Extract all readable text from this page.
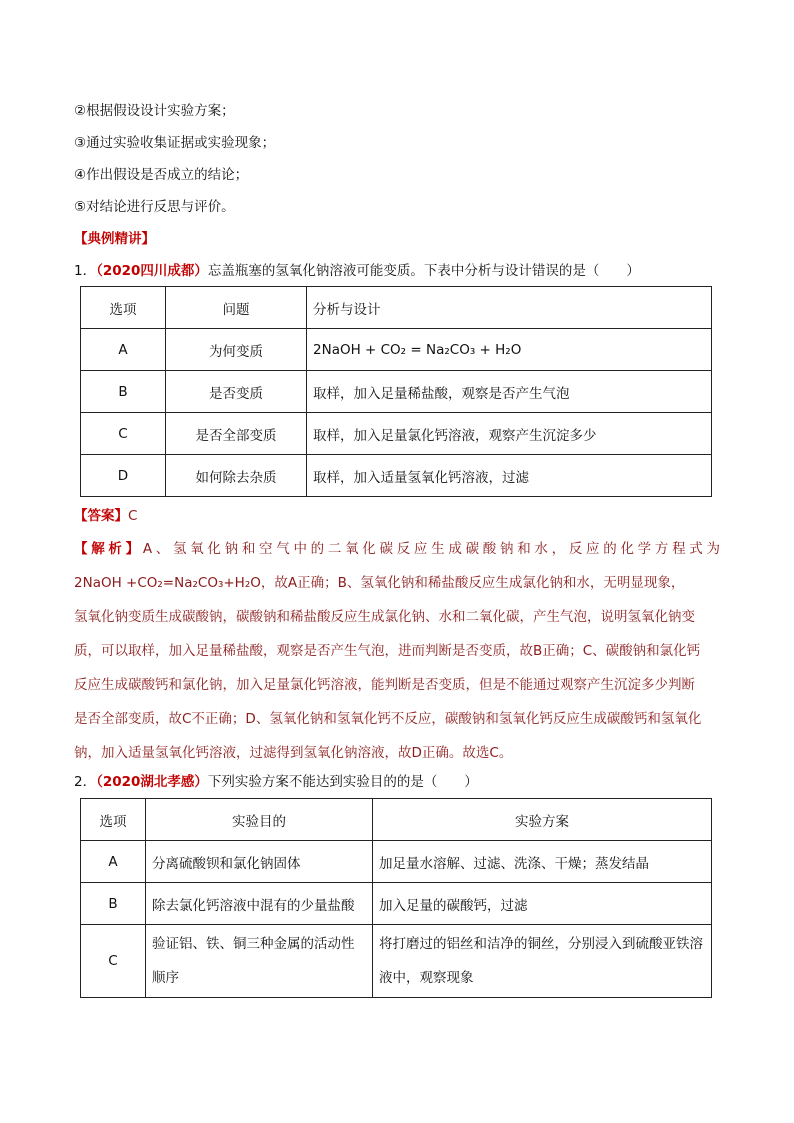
②根据假设设计实验方案；
③通过实验收集证据或实验现象；
④作出假设是否成立的结论；
⑤对结论进行反思与评价。
【典例精讲】
1．（2020四川成都）忘盖瓶塞的氢氧化钠溶液可能变质。下表中分析与设计错误的是（　　）
选项	问题	分析与设计
A	为何变质	2NaOH + CO₂ = Na₂CO₃ + H₂O
B	是否变质	取样，加入足量稀盐酸，观察是否产生气泡
C	是否全部变质	取样，加入足量氯化钙溶液，观察产生沉淀多少
D	如何除去杂质	取样，加入适量氢氧化钙溶液，过滤
【答案】C
【解析】A、氢氧化钠和空气中的二氧化碳反应生成碳酸钠和水，反应的化学方程式为
2NaOH +CO₂=Na₂CO₃+H₂O，故A正确；B、氢氧化钠和稀盐酸反应生成氯化钠和水，无明显现象，
氢氧化钠变质生成碳酸钠，碳酸钠和稀盐酸反应生成氯化钠、水和二氧化碳，产生气泡，说明氢氧化钠变
质，可以取样，加入足量稀盐酸，观察是否产生气泡，进而判断是否变质，故B正确；C、碳酸钠和氯化钙
反应生成碳酸钙和氯化钠，加入足量氯化钙溶液，能判断是否变质，但是不能通过观察产生沉淀多少判断
是否全部变质，故C不正确；D、氢氧化钠和氢氧化钙不反应，碳酸钠和氢氧化钙反应生成碳酸钙和氢氧化
钠，加入适量氢氧化钙溶液，过滤得到氢氧化钠溶液，故D正确。故选C。
2．（2020湖北孝感）下列实验方案不能达到实验目的的是（　　）
选项	实验目的	实验方案
A	分离硫酸钡和氯化钠固体	加足量水溶解、过滤、洗涤、干燥；蒸发结晶
B	除去氯化钙溶液中混有的少量盐酸	加入足量的碳酸钙，过滤
C	验证铝、铁、铜三种金属的活动性顺序	将打磨过的铝丝和洁净的铜丝，分别浸入到硫酸亚铁溶液中，观察现象
